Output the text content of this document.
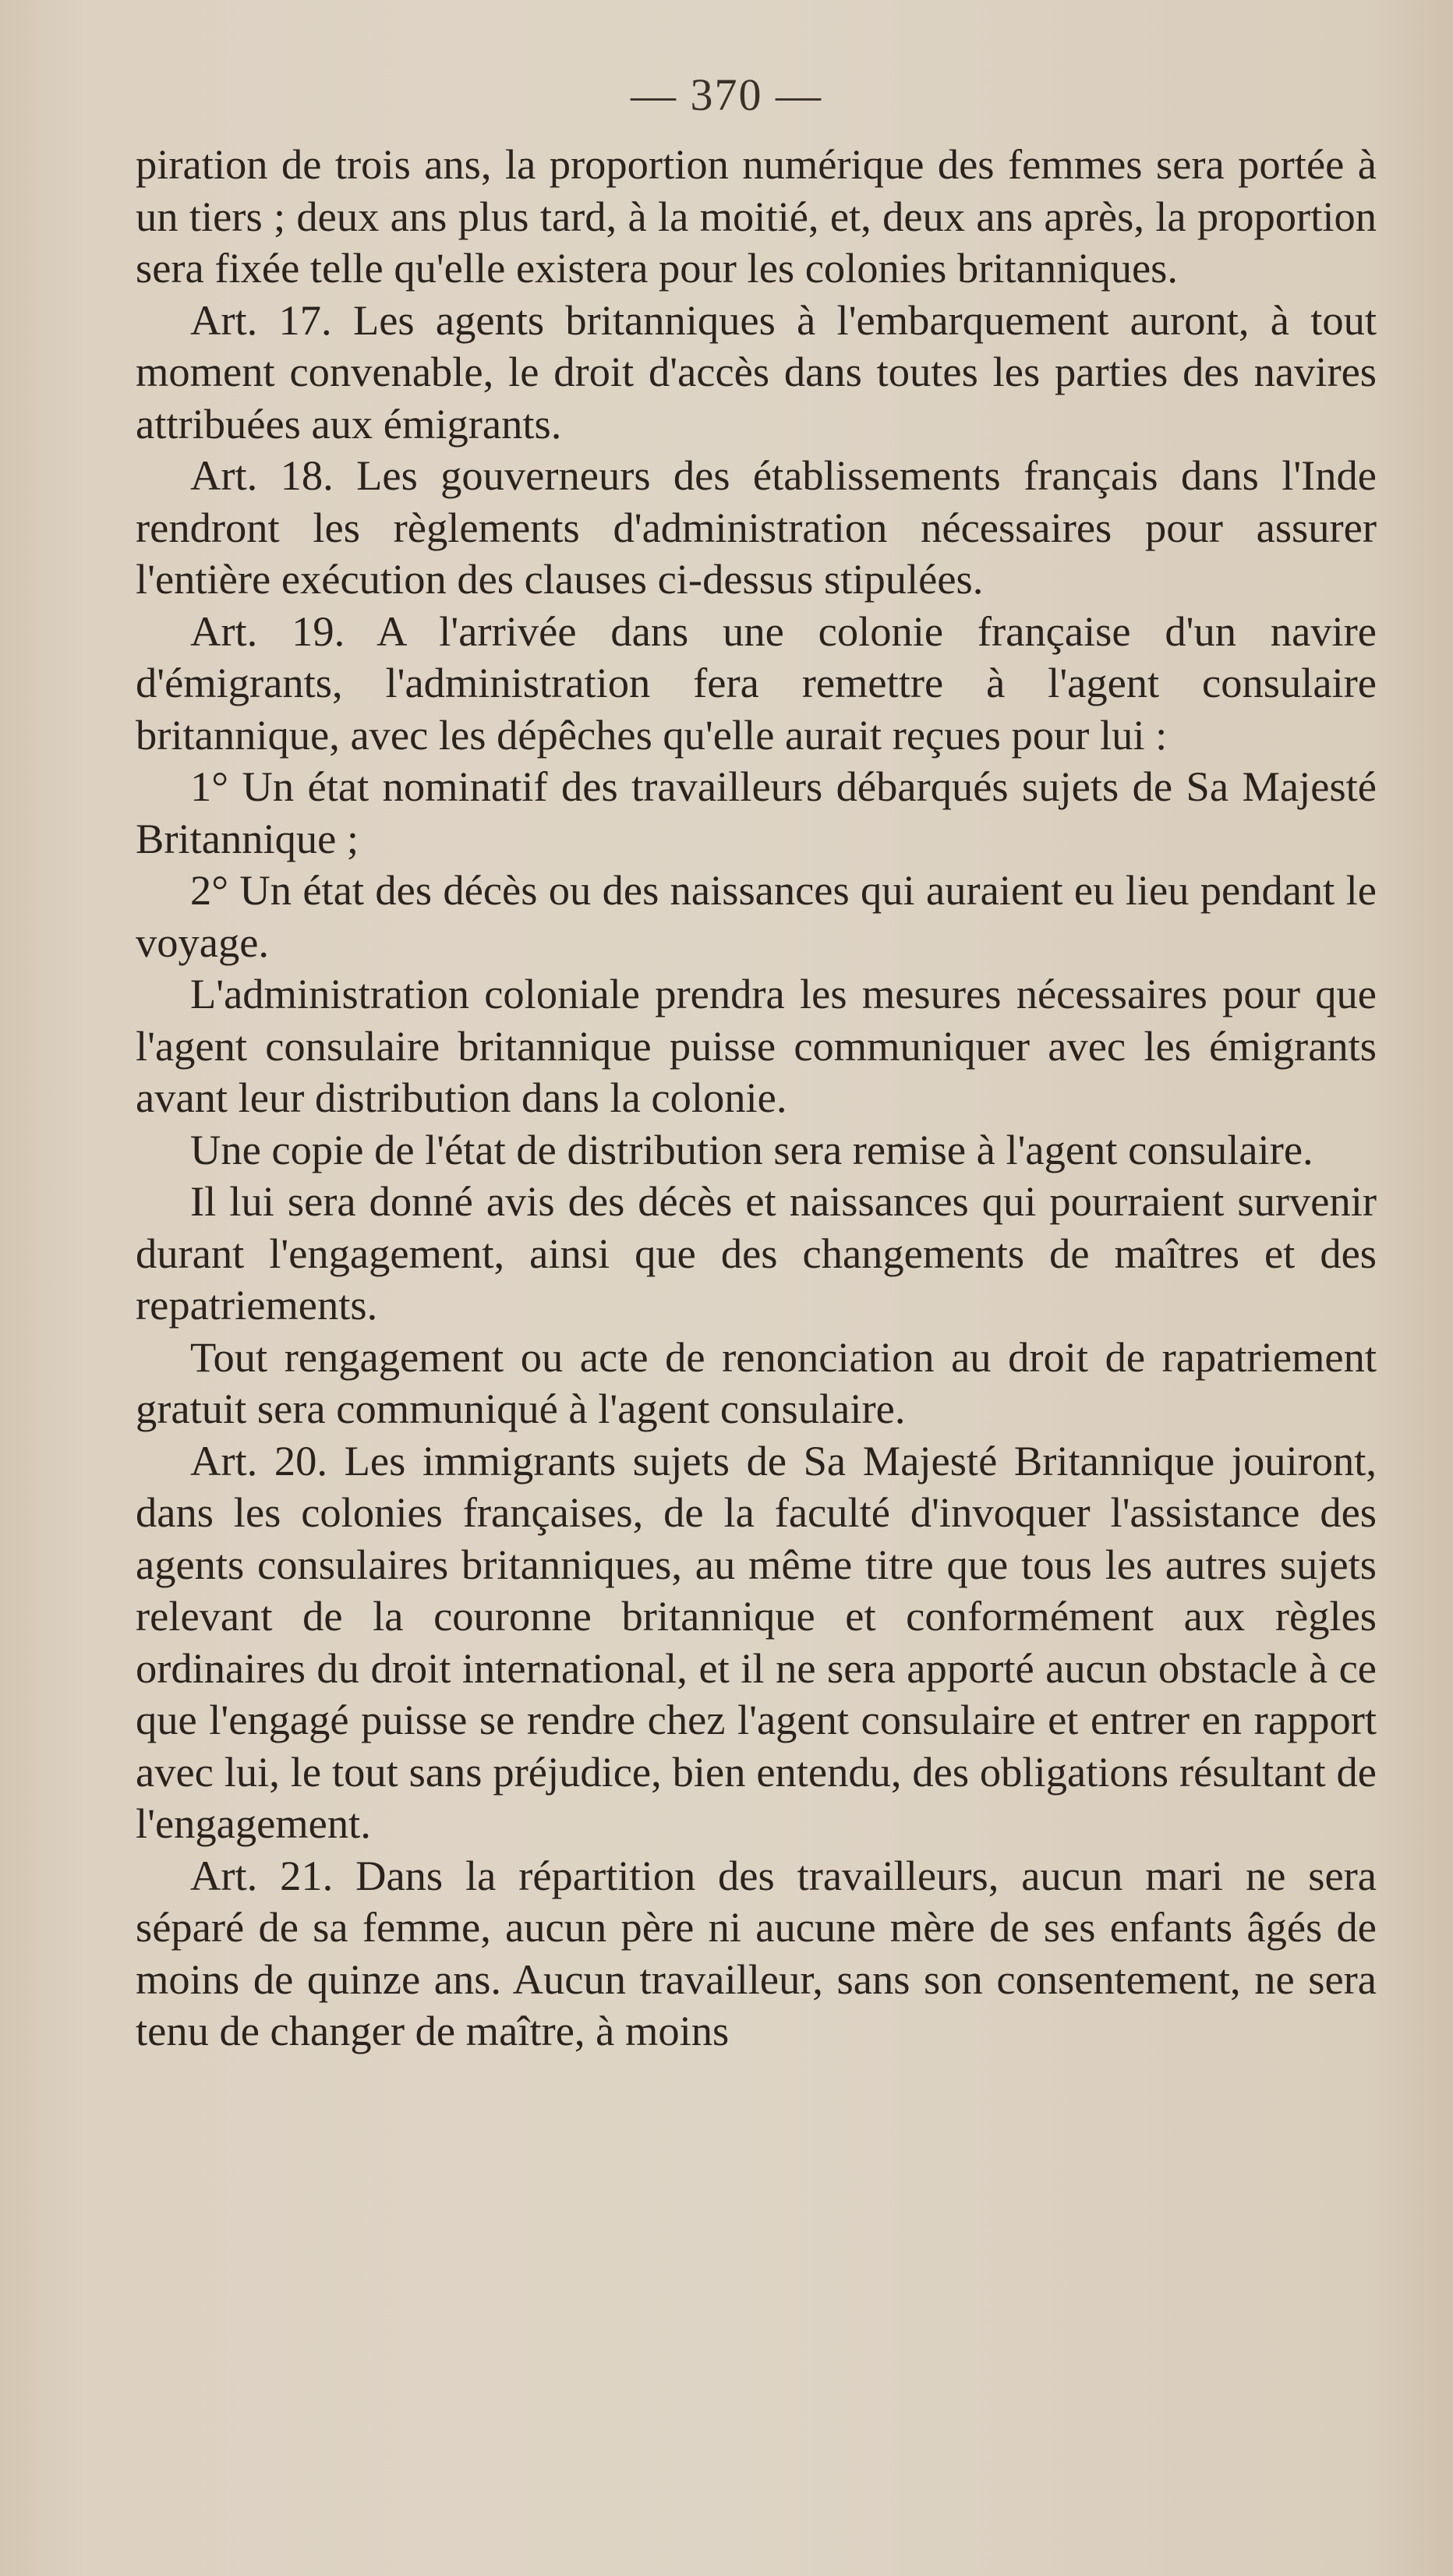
— 370 —

piration de trois ans, la proportion numérique des femmes sera portée à un tiers ; deux ans plus tard, à la moitié, et, deux ans après, la proportion sera fixée telle qu'elle existera pour les colonies britanniques.

Art. 17. Les agents britanniques à l'embarquement auront, à tout moment convenable, le droit d'accès dans toutes les parties des navires attribuées aux émigrants.

Art. 18. Les gouverneurs des établissements français dans l'Inde rendront les règlements d'administration nécessaires pour assurer l'entière exécution des clauses ci-dessus stipulées.

Art. 19. A l'arrivée dans une colonie française d'un navire d'émigrants, l'administration fera remettre à l'agent consulaire britannique, avec les dépêches qu'elle aurait reçues pour lui :

1° Un état nominatif des travailleurs débarqués sujets de Sa Majesté Britannique ;

2° Un état des décès ou des naissances qui auraient eu lieu pendant le voyage.

L'administration coloniale prendra les mesures nécessaires pour que l'agent consulaire britannique puisse communiquer avec les émigrants avant leur distribution dans la colonie.

Une copie de l'état de distribution sera remise à l'agent consulaire.

Il lui sera donné avis des décès et naissances qui pourraient survenir durant l'engagement, ainsi que des changements de maîtres et des repatriements.

Tout rengagement ou acte de renonciation au droit de rapatriement gratuit sera communiqué à l'agent consulaire.

Art. 20. Les immigrants sujets de Sa Majesté Britannique jouiront, dans les colonies françaises, de la faculté d'invoquer l'assistance des agents consulaires britanniques, au même titre que tous les autres sujets relevant de la couronne britannique et conformément aux règles ordinaires du droit international, et il ne sera apporté aucun obstacle à ce que l'engagé puisse se rendre chez l'agent consulaire et entrer en rapport avec lui, le tout sans préjudice, bien entendu, des obligations résultant de l'engagement.

Art. 21. Dans la répartition des travailleurs, aucun mari ne sera séparé de sa femme, aucun père ni aucune mère de ses enfants âgés de moins de quinze ans. Aucun travailleur, sans son consentement, ne sera tenu de changer de maître, à moins
